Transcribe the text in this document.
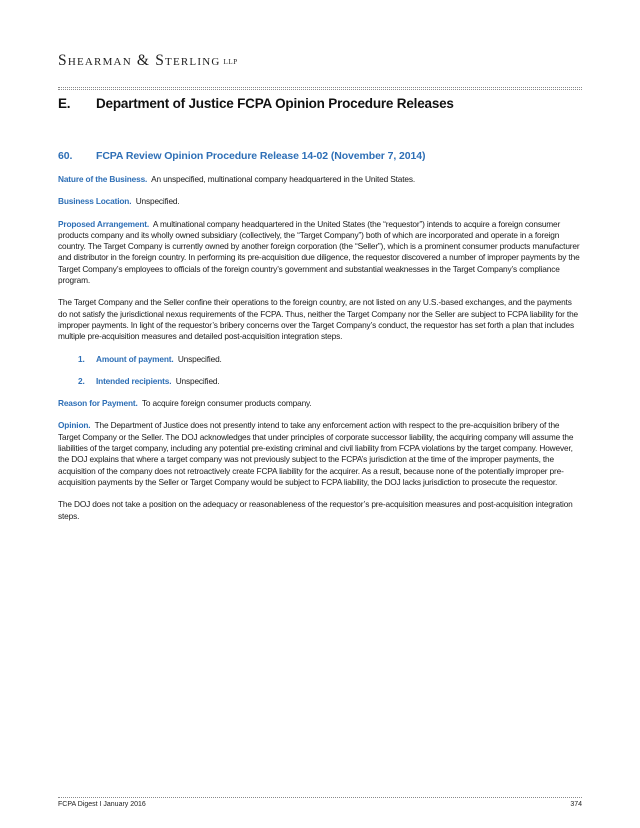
Shearman & Sterling LLP
E. Department of Justice FCPA Opinion Procedure Releases
60. FCPA Review Opinion Procedure Release 14-02 (November 7, 2014)

Nature of the Business. An unspecified, multinational company headquartered in the United States.

Business Location. Unspecified.

Proposed Arrangement. A multinational company headquartered in the United States (the “requestor”) intends to acquire a foreign consumer products company and its wholly owned subsidiary (collectively, the “Target Company”) both of which are incorporated and operate in a foreign country. The Target Company is currently owned by another foreign corporation (the “Seller”), which is a prominent consumer products manufacturer and distributor in the foreign country. In performing its pre-acquisition due diligence, the requestor discovered a number of improper payments by the Target Company’s employees to officials of the foreign country’s government and substantial weaknesses in the Target Company’s compliance program.

The Target Company and the Seller confine their operations to the foreign country, are not listed on any U.S.-based exchanges, and the payments do not satisfy the jurisdictional nexus requirements of the FCPA. Thus, neither the Target Company nor the Seller are subject to FCPA liability for the improper payments. In light of the requestor’s bribery concerns over the Target Company’s conduct, the requestor has set forth a plan that includes multiple pre-acquisition measures and detailed post-acquisition integration steps.

1. Amount of payment. Unspecified.
2. Intended recipients. Unspecified.

Reason for Payment. To acquire foreign consumer products company.

Opinion. The Department of Justice does not presently intend to take any enforcement action with respect to the pre-acquisition bribery of the Target Company or the Seller. The DOJ acknowledges that under principles of corporate successor liability, the acquiring company will assume the liabilities of the target company, including any potential pre-existing criminal and civil liability from FCPA violations by the target company. However, the DOJ explains that where a target company was not previously subject to the FCPA’s jurisdiction at the time of the improper payments, the acquisition of the company does not retroactively create FCPA liability for the acquirer. As a result, because none of the potentially improper pre-acquisition payments by the Seller or Target Company would be subject to FCPA liability, the DOJ lacks jurisdiction to prosecute the requestor.

The DOJ does not take a position on the adequacy or reasonableness of the requestor’s pre-acquisition measures and post-acquisition integration steps.

FCPA Digest I January 2016	374
